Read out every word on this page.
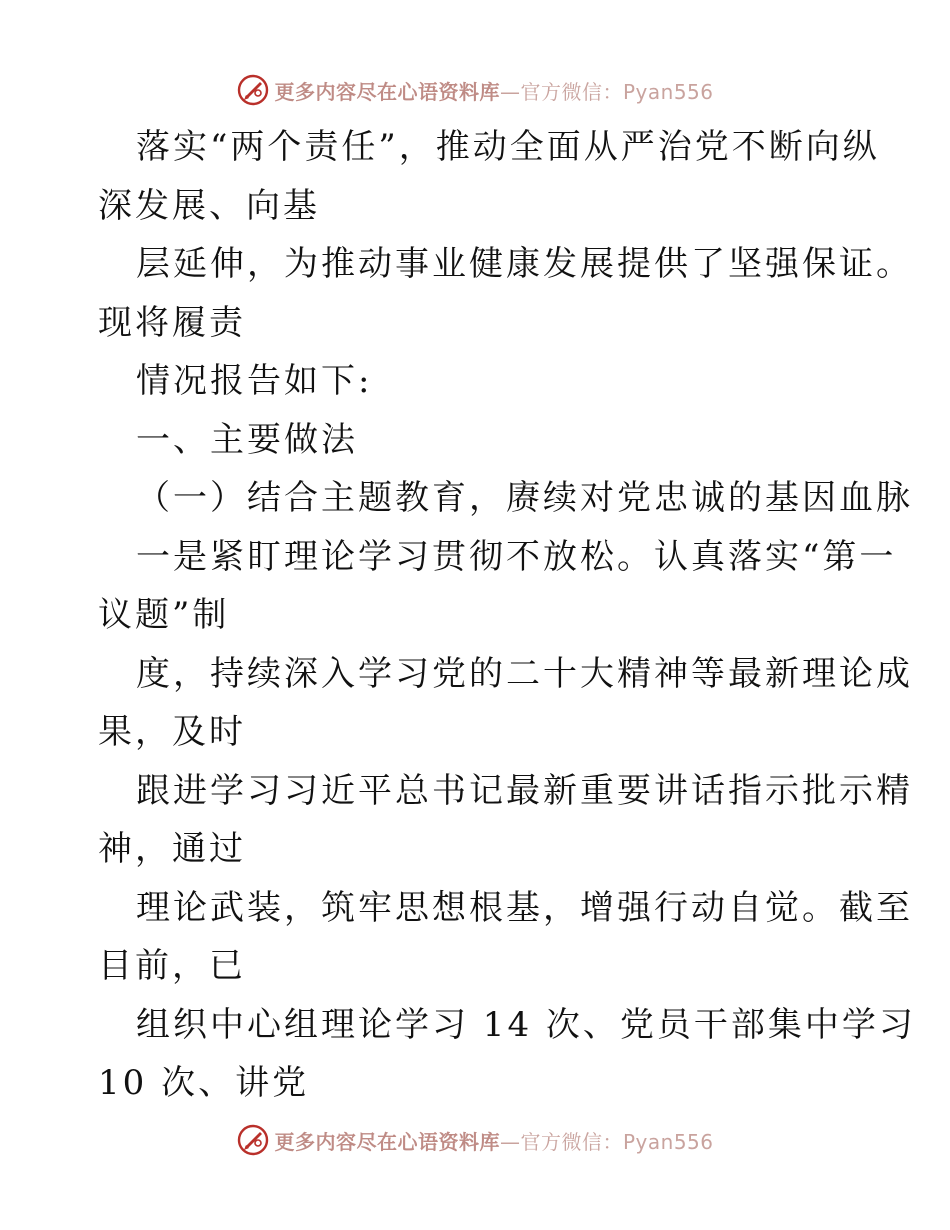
更多内容尽在心语资料库—官方微信：Pyan556
落实“两个责任”，推动全面从严治党不断向纵
深发展、向基
层延伸，为推动事业健康发展提供了坚强保证。
现将履责
情况报告如下:
一、主要做法
（一）结合主题教育，赓续对党忠诚的基因血脉
一是紧盯理论学习贯彻不放松。认真落实“第一
议题”制
度，持续深入学习党的二十大精神等最新理论成
果，及时
跟进学习习近平总书记最新重要讲话指示批示精
神，通过
理论武装，筑牢思想根基，增强行动自觉。截至
目前，已
组织中心组理论学习 14 次、党员干部集中学习
10 次、讲党
更多内容尽在心语资料库—官方微信：Pyan556
